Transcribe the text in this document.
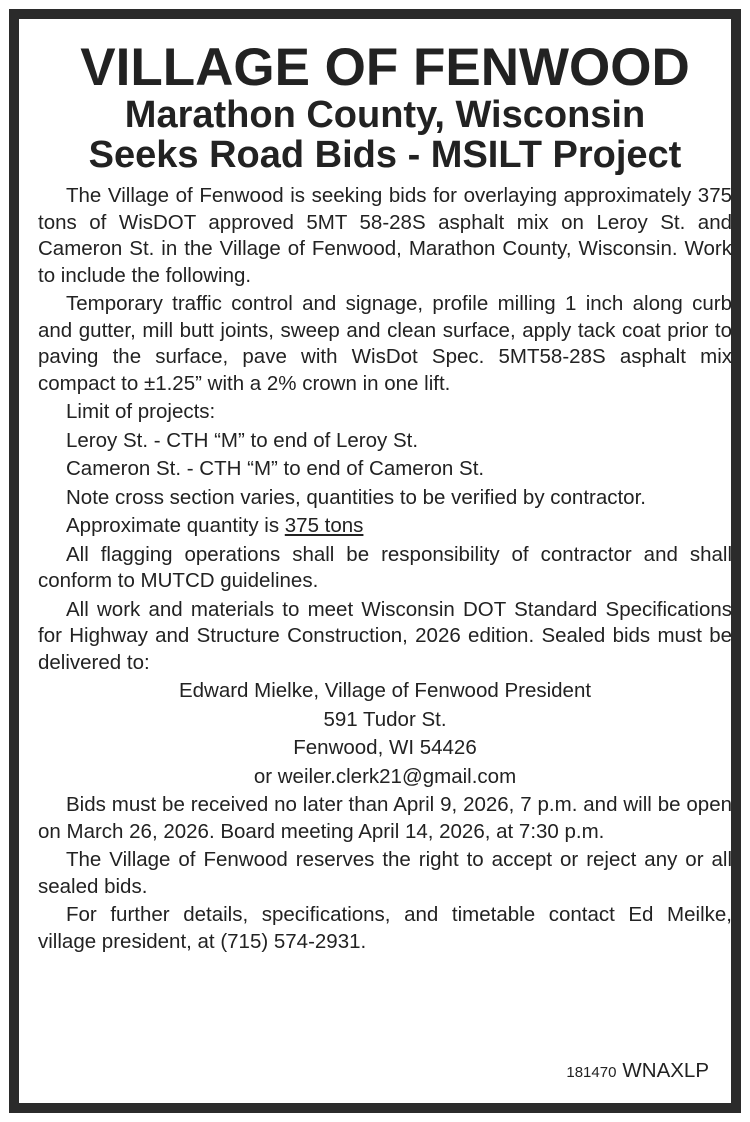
VILLAGE OF FENWOOD
Marathon County, Wisconsin
Seeks Road Bids - MSILT Project

The Village of Fenwood is seeking bids for overlaying approximately 375 tons of WisDOT approved 5MT 58-28S asphalt mix on Leroy St. and Cameron St. in the Village of Fenwood, Marathon County, Wisconsin. Work to include the following.

Temporary traffic control and signage, profile milling 1 inch along curb and gutter, mill butt joints, sweep and clean surface, apply tack coat prior to paving the surface, pave with WisDot Spec. 5MT58-28S asphalt mix compact to ±1.25” with a 2% crown in one lift.

Limit of projects:

Leroy St. - CTH “M” to end of Leroy St.

Cameron St. - CTH “M” to end of Cameron St.

Note cross section varies, quantities to be verified by contractor.

Approximate quantity is 375 tons

All flagging operations shall be responsibility of contractor and shall conform to MUTCD guidelines.

All work and materials to meet Wisconsin DOT Standard Specifications for Highway and Structure Construction, 2026 edition. Sealed bids must be delivered to:

Edward Mielke, Village of Fenwood President

591 Tudor St.

Fenwood, WI 54426

or weiler.clerk21@gmail.com

Bids must be received no later than April 9, 2026, 7 p.m. and will be open on March 26, 2026. Board meeting April 14, 2026, at 7:30 p.m.

The Village of Fenwood reserves the right to accept or reject any or all sealed bids.

For further details, specifications, and timetable contact Ed Meilke, village president, at (715) 574-2931.

181470 WNAXLP
